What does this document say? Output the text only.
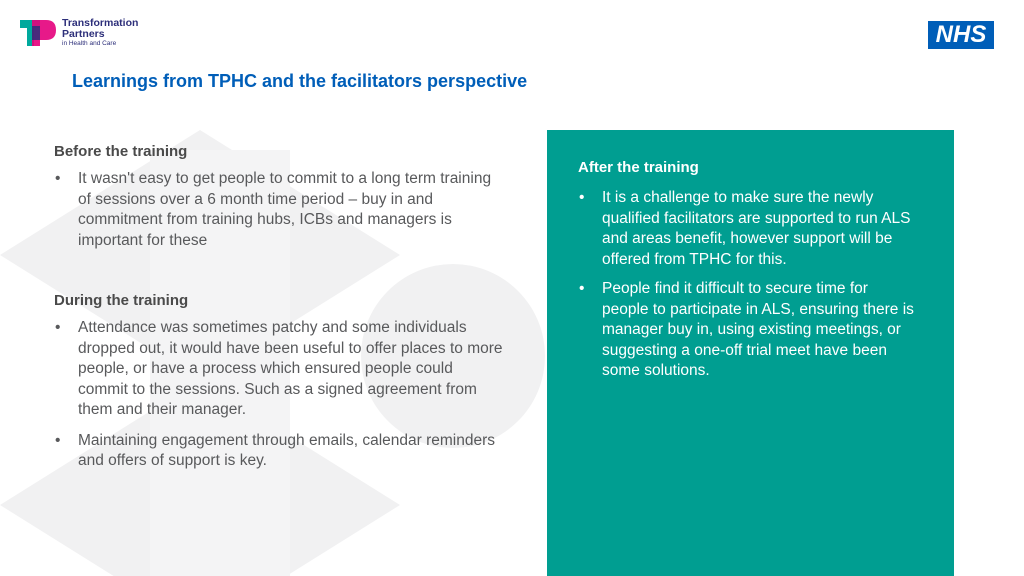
Transformation
Partners
in Health and Care	NHS
Learnings from TPHC and the facilitators perspective
Before the training
• It wasn't easy to get people to commit to a long term training of sessions over a 6 month time period – buy in and commitment from training hubs, ICBs and managers is important for these
During the training
• Attendance was sometimes patchy and some individuals dropped out, it would have been useful to offer places to more people, or have a process which ensured people could commit to the sessions. Such as a signed agreement from them and their manager.
• Maintaining engagement through emails, calendar reminders and offers of support is key.
After the training
• It is a challenge to make sure the newly qualified facilitators are supported to run ALS and areas benefit, however support will be offered from TPHC for this.
• People find it difficult to secure time for people to participate in ALS, ensuring there is manager buy in, using existing meetings, or suggesting a one-off trial meet have been some solutions.
